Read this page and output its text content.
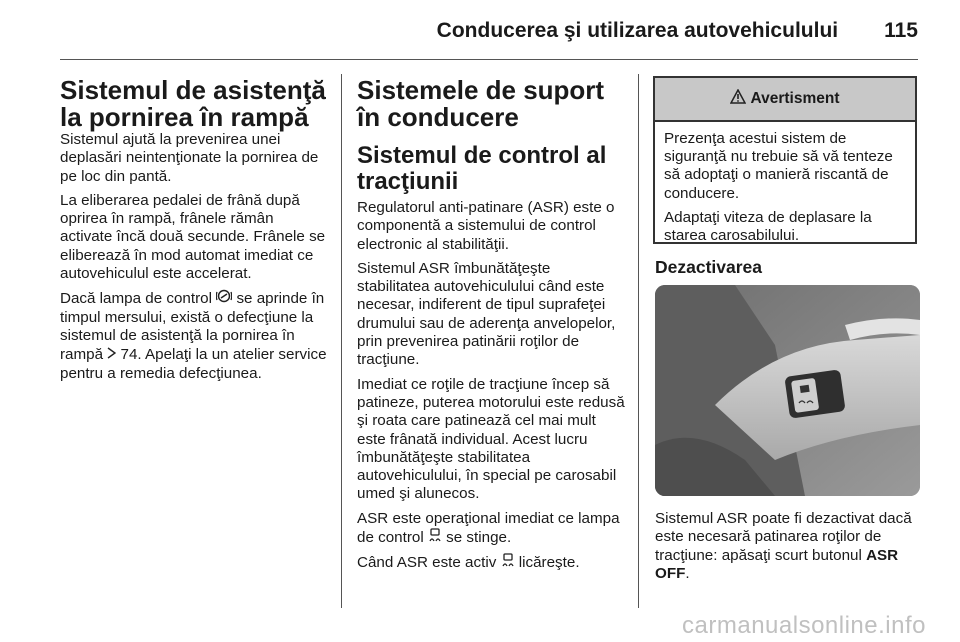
Conducerea şi utilizarea autovehiculului 115
Sistemul de asistenţă la pornirea în rampă

Sistemul ajută la prevenirea unei deplasări neintenţionate la pornirea de pe loc din pantă.

La eliberarea pedalei de frână după oprirea în rampă, frânele rămân activate încă două secunde. Frânele se eliberează în mod automat imediat ce autovehiculul este accelerat.

Dacă lampa de control se aprinde în timpul mersului, există o defecţiune la sistemul de asistenţă la pornirea în rampă 74. Apelaţi la un atelier service pentru a remedia defecţiunea.

Sistemele de suport în conducere
Sistemul de control al tracţiunii

Regulatorul anti-patinare (ASR) este o componentă a sistemului de control electronic al stabilităţii.

Sistemul ASR îmbunătăţeşte stabilitatea autovehiculului când este necesar, indiferent de tipul suprafeţei drumului sau de aderenţa anvelopelor, prin prevenirea patinării roţilor de tracţiune.

Imediat ce roţile de tracţiune încep să patineze, puterea motorului este redusă şi roata care patinează cel mai mult este frânată individual. Acest lucru îmbunătăţeşte stabilitatea autovehiculului, în special pe carosabil umed şi alunecos.

ASR este operaţional imediat ce lampa de control se stinge.

Când ASR este activ licăreşte.

Avertisment

Prezenţa acestui sistem de siguranţă nu trebuie să vă tenteze să adoptaţi o manieră riscantă de conducere.

Adaptaţi viteza de deplasare la starea carosabilului.

Dezactivarea

Sistemul ASR poate fi dezactivat dacă este necesară patinarea roţilor de tracţiune: apăsaţi scurt butonul ASR OFF.

carmanualsonline.info
